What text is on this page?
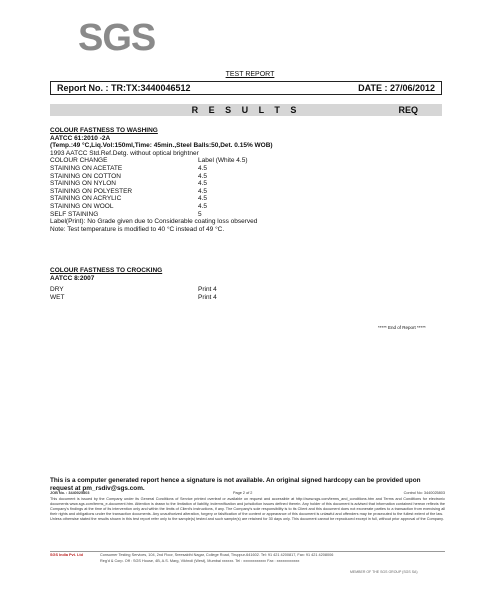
SGS
TEST REPORT
Report No. : TR:TX:3440046512	DATE : 27/06/2012
R E S U L T S	REQ
COLOUR FASTNESS TO WASHING
AATCC 61:2010 -2A
(Temp.:49 °C,Liq.Vol:150ml,Time: 45min.,Steel Balls:50,Det. 0.15% WOB)
1993 AATCC Std.Ref.Detg. without optical brightner
COLOUR CHANGE	Label (White 4.5)
STAINING ON ACETATE	4.5
STAINING ON COTTON	4.5
STAINING ON NYLON	4.5
STAINING ON POLYESTER	4.5
STAINING ON ACRYLIC	4.5
STAINING ON WOOL	4.5
SELF STAINING	5
Label(Print): No Grade given due to Considerable coating loss observed
Note: Test temperature is modified to 40 °C instead of 49 °C.
COLOUR FASTNESS TO CROCKING
AATCC 8:2007
DRY	Print 4
WET	Print 4
***** End of Report *****
This is a computer generated report hence a signature is not available. An original signed hardcopy can be provided upon request at pm_rsdiv@sgs.com.
JOB No. : 3440025803	Page 2 of 2	Control No: 3440025803
This document is issued by the Company under its General Conditions of Service printed overleaf or available on request and accessible at http://www.sgs.com/terms_and_conditions.htm and Terms and Conditions for electronic documents www.sgs.com/terms_e-document.htm. Attention is drawn to the limitation of liability, indemnification and jurisdiction issues defined therein. Any holder of this document is advised that information contained hereon reflects the Company's findings at the time of its intervention only and within the limits of Client's instructions, if any. The Company's sole responsibility is to its Client and this document does not exonerate parties to a transaction from exercising all their rights and obligations under the transaction documents. Any unauthorized alteration, forgery or falsification of the content or appearance of this document is unlawful and offenders may be prosecuted to the fullest extent of the law.
Unless otherwise stated the results shown in this test report refer only to the sample(s) tested and such sample(s) are retained for 30 days only. This document cannot be reproduced except in full, without prior approval of the Company.
SGS India Pvt. Ltd	Consumer Testing Services, 104, 2nd Floor, Sreesakthi Nagar, College Road, Tiruppur-641602. Tel: 91 421 4200817, Fax: 91 421 4208006
Reg'd & Corp. Off : SGS House, 4B, A.S. Marg, Vikhroli (West), Mumbai xxxxxx. Tel : xxxxxxxxxxxx Fax : xxxxxxxxxxxx
MEMBER OF THE SGS GROUP (SGS SA)
